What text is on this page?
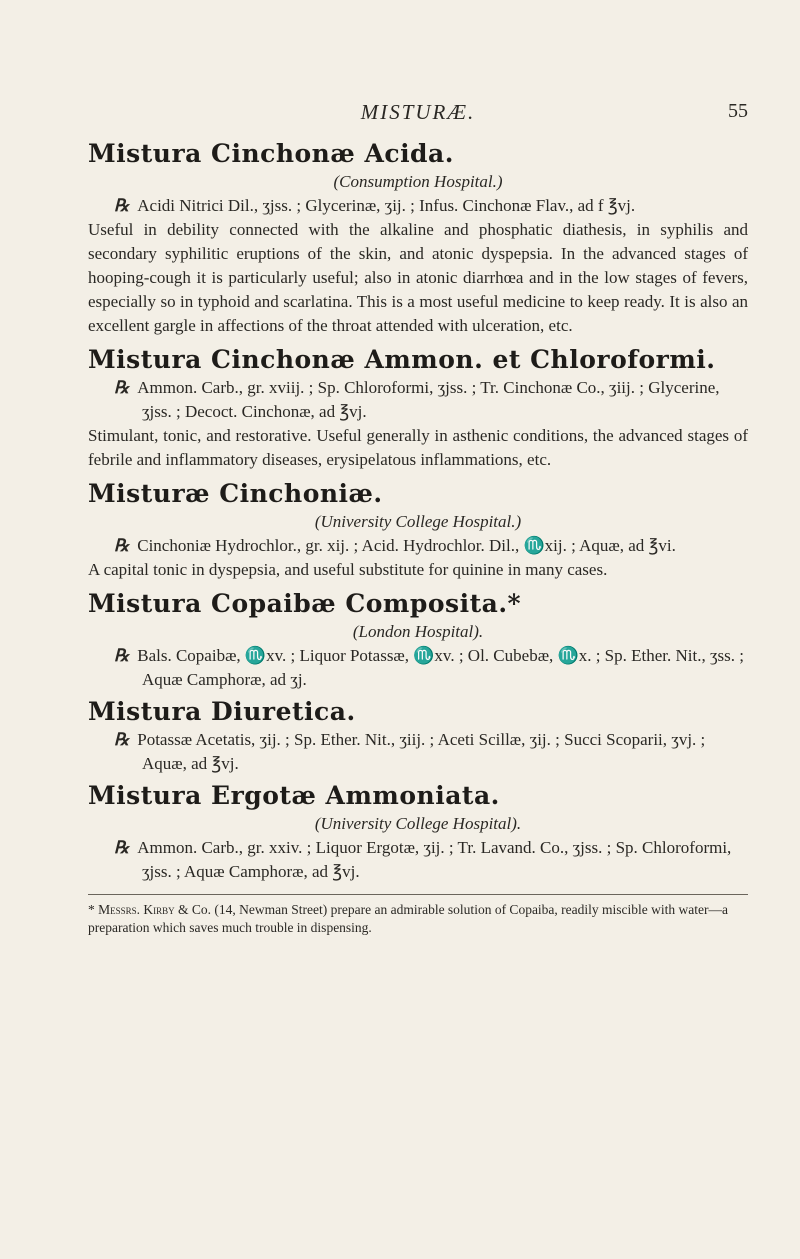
MISTURÆ.	55
Mistura Cinchonæ Acida.
(Consumption Hospital.)

℞ Acidi Nitrici Dil., ʒjss. ; Glycerinæ, ʒij. ; Infus. Cinchonæ Flav., ad f ℥vj.

Useful in debility connected with the alkaline and phosphatic diathesis, in syphilis and secondary syphilitic eruptions of the skin, and atonic dyspepsia. In the advanced stages of hooping-cough it is particularly useful; also in atonic diarrhœa and in the low stages of fevers, especially so in typhoid and scarlatina. This is a most useful medicine to keep ready. It is also an excellent gargle in affections of the throat attended with ulceration, etc.

Mistura Cinchonæ Ammon. et Chloroformi.

℞ Ammon. Carb., gr. xviij. ; Sp. Chloroformi, ʒjss. ; Tr. Cinchonæ Co., ʒiij. ; Glycerine, ʒjss. ; Decoct. Cinchonæ, ad ℥vj.

Stimulant, tonic, and restorative. Useful generally in asthenic conditions, the advanced stages of febrile and inflammatory diseases, erysipelatous inflammations, etc.

Misturæ Cinchoniæ.
(University College Hospital.)

℞ Cinchoniæ Hydrochlor., gr. xij. ; Acid. Hydrochlor. Dil., ♏xij. ; Aquæ, ad ℥vi.

A capital tonic in dyspepsia, and useful substitute for quinine in many cases.

Mistura Copaibæ Composita.*
(London Hospital).

℞ Bals. Copaibæ, ♏xv. ; Liquor Potassæ, ♏xv. ; Ol. Cubebæ, ♏x. ; Sp. Ether. Nit., ʒss. ; Aquæ Camphoræ, ad ʒj.

Mistura Diuretica.

℞ Potassæ Acetatis, ʒij. ; Sp. Ether. Nit., ʒiij. ; Aceti Scillæ, ʒij. ; Succi Scoparii, ʒvj. ; Aquæ, ad ℥vj.

Mistura Ergotæ Ammoniata.
(University College Hospital).

℞ Ammon. Carb., gr. xxiv. ; Liquor Ergotæ, ʒij. ; Tr. Lavand. Co., ʒjss. ; Sp. Chloroformi, ʒjss. ; Aquæ Camphoræ, ad ℥vj.

* Messrs. Kirby & Co. (14, Newman Street) prepare an admirable solution of Copaiba, readily miscible with water—a preparation which saves much trouble in dispensing.
